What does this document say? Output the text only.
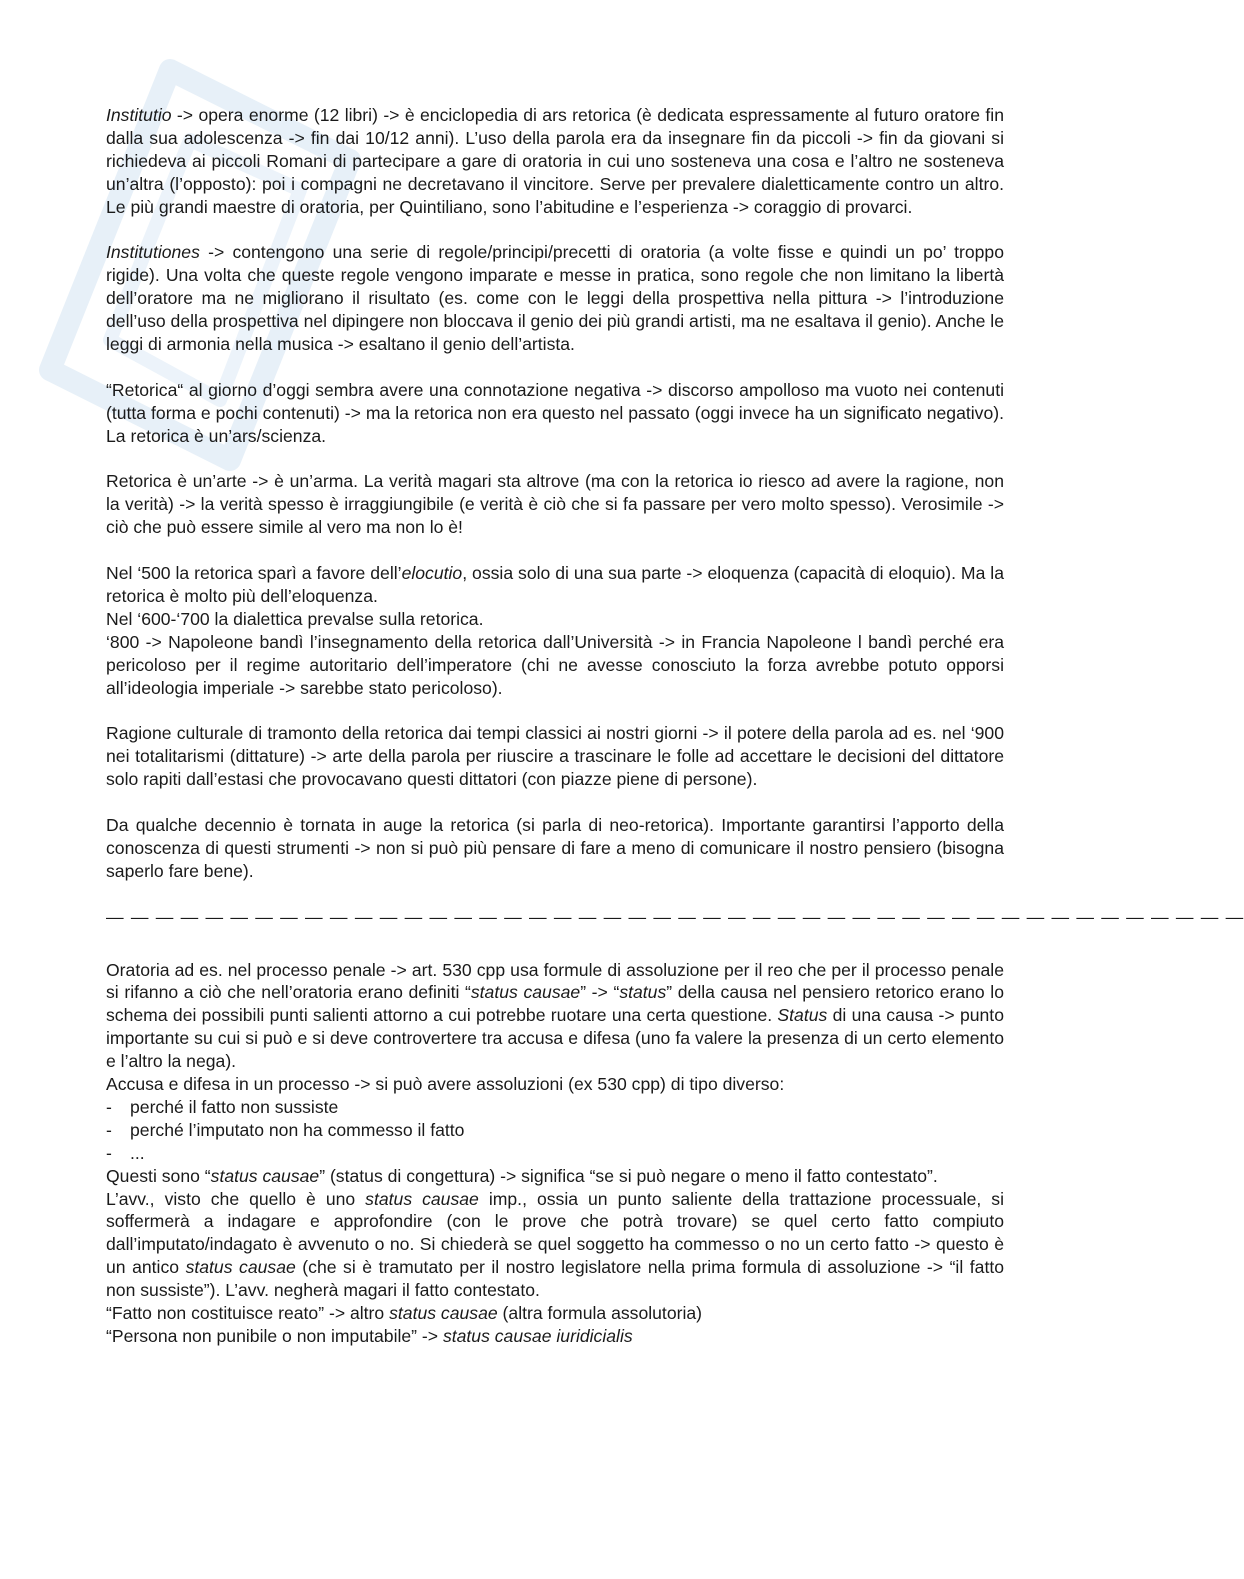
Institutio -> opera enorme (12 libri) -> è enciclopedia di ars retorica (è dedicata espressamente al futuro oratore fin dalla sua adolescenza -> fin dai 10/12 anni). L’uso della parola era da insegnare fin da piccoli -> fin da giovani si richiedeva ai piccoli Romani di partecipare a gare di oratoria in cui uno sosteneva una cosa e l’altro ne sosteneva un’altra (l’opposto): poi i compagni ne decretavano il vincitore. Serve per prevalere dialetticamente contro un altro. Le più grandi maestre di oratoria, per Quintiliano, sono l’abitudine e l’esperienza -> coraggio di provarci.

Institutiones -> contengono una serie di regole/principi/precetti di oratoria (a volte fisse e quindi un po’ troppo rigide). Una volta che queste regole vengono imparate e messe in pratica, sono regole che non limitano la libertà dell’oratore ma ne migliorano il risultato (es. come con le leggi della prospettiva nella pittura -> l’introduzione dell’uso della prospettiva nel dipingere non bloccava il genio dei più grandi artisti, ma ne esaltava il genio). Anche le leggi di armonia nella musica -> esaltano il genio dell’artista.

“Retorica“ al giorno d’oggi sembra avere una connotazione negativa -> discorso ampolloso ma vuoto nei contenuti (tutta forma e pochi contenuti) -> ma la retorica non era questo nel passato (oggi invece ha un significato negativo). La retorica è un’ars/scienza.

Retorica è un’arte -> è un’arma. La verità magari sta altrove (ma con la retorica io riesco ad avere la ragione, non la verità) -> la verità spesso è irraggiungibile (e verità è ciò che si fa passare per vero molto spesso). Verosimile -> ciò che può essere simile al vero ma non lo è!

Nel ‘500 la retorica sparì a favore dell’elocutio, ossia solo di una sua parte -> eloquenza (capacità di eloquio). Ma la retorica è molto più dell’eloquenza.

Nel ‘600-‘700 la dialettica prevalse sulla retorica.

‘800 -> Napoleone bandì l’insegnamento della retorica dall’Università -> in Francia Napoleone l bandì perché era pericoloso per il regime autoritario dell’imperatore (chi ne avesse conosciuto la forza avrebbe potuto opporsi all’ideologia imperiale -> sarebbe stato pericoloso).

Ragione culturale di tramonto della retorica dai tempi classici ai nostri giorni -> il potere della parola ad es. nel ‘900 nei totalitarismi (dittature) -> arte della parola per riuscire a trascinare le folle ad accettare le decisioni del dittatore solo rapiti dall’estasi che provocavano questi dittatori (con piazze piene di persone).

Da qualche decennio è tornata in auge la retorica (si parla di neo-retorica). Importante garantirsi l’apporto della conoscenza di questi strumenti -> non si può più pensare di fare a meno di comunicare il nostro pensiero (bisogna saperlo fare bene).

— — — — — — — — — — — — — — — — — — — — — — — — — — — — — — — — — — — — — — — — — — — — — —

Oratoria ad es. nel processo penale -> art. 530 cpp usa formule di assoluzione per il reo che per il processo penale si rifanno a ciò che nell’oratoria erano definiti “status causae” -> “status” della causa nel pensiero retorico erano lo schema dei possibili punti salienti attorno a cui potrebbe ruotare una certa questione. Status di una causa -> punto importante su cui si può e si deve controvertere tra accusa e difesa (uno fa valere la presenza di un certo elemento e l’altro la nega).

Accusa e difesa in un processo -> si può avere assoluzioni (ex 530 cpp) di tipo diverso:

-	perché il fatto non sussiste
-	perché l’imputato non ha commesso il fatto
-	...

Questi sono “status causae” (status di congettura) -> significa “se si può negare o meno il fatto contestato”.

L’avv., visto che quello è uno status causae imp., ossia un punto saliente della trattazione processuale, si soffermerà a indagare e approfondire (con le prove che potrà trovare) se quel certo fatto compiuto dall’imputato/indagato è avvenuto o no. Si chiederà se quel soggetto ha commesso o no un certo fatto -> questo è un antico status causae (che si è tramutato per il nostro legislatore nella prima formula di assoluzione -> “il fatto non sussiste”). L’avv. negherà magari il fatto contestato.

“Fatto non costituisce reato” -> altro status causae (altra formula assolutoria)

“Persona non punibile o non imputabile” -> status causae iuridicialis
